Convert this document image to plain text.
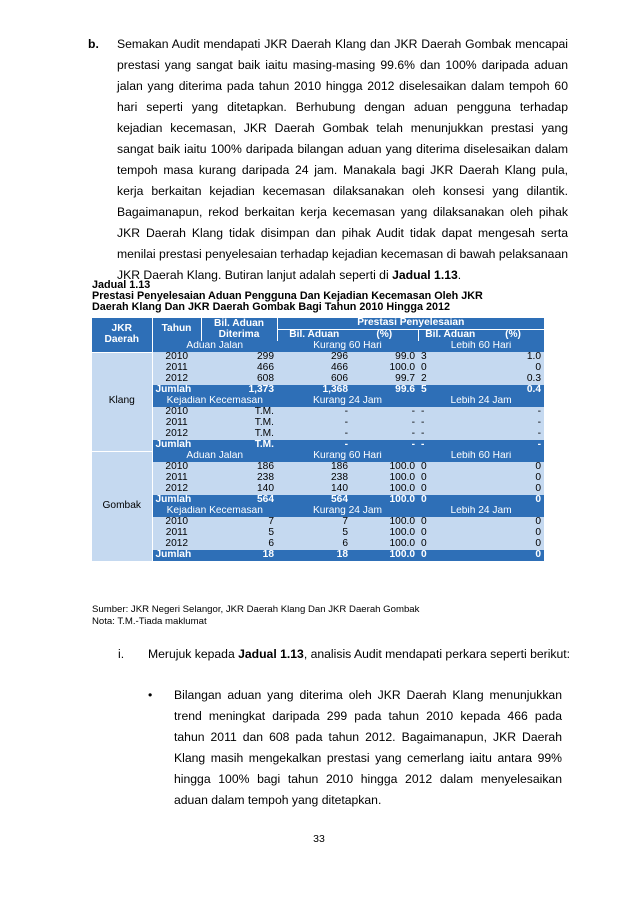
b. Semakan Audit mendapati JKR Daerah Klang dan JKR Daerah Gombak mencapai prestasi yang sangat baik iaitu masing-masing 99.6% dan 100% daripada aduan jalan yang diterima pada tahun 2010 hingga 2012 diselesaikan dalam tempoh 60 hari seperti yang ditetapkan. Berhubung dengan aduan pengguna terhadap kejadian kecemasan, JKR Daerah Gombak telah menunjukkan prestasi yang sangat baik iaitu 100% daripada bilangan aduan yang diterima diselesaikan dalam tempoh masa kurang daripada 24 jam. Manakala bagi JKR Daerah Klang pula, kerja berkaitan kejadian kecemasan dilaksanakan oleh konsesi yang dilantik. Bagaimanapun, rekod berkaitan kerja kecemasan yang dilaksanakan oleh pihak JKR Daerah Klang tidak disimpan dan pihak Audit tidak dapat mengesah serta menilai prestasi penyelesaian terhadap kejadian kecemasan di bawah pelaksanaan JKR Daerah Klang. Butiran lanjut adalah seperti di Jadual 1.13.
Jadual 1.13
Prestasi Penyelesaian Aduan Pengguna Dan Kejadian Kecemasan Oleh JKR
Daerah Klang Dan JKR Daerah Gombak Bagi Tahun 2010 Hingga 2012
JKR Daerah	Tahun	Bil. Aduan Diterima	Prestasi Penyelesaian			
			Bil. Aduan	(%)	Bil. Aduan	(%)
	Aduan Jalan		Kurang 60 Hari		Lebih 60 Hari	
Klang	2010	299	296	99.0	3	1.0
	2011	466	466	100.0	0	0
	2012	608	606	99.7	2	0.3
	Jumlah	1,373	1,368	99.6	5	0.4
	Kejadian Kecemasan		Kurang 24 Jam		Lebih 24 Jam	
	2010	T.M.	-	-	-	-
	2011	T.M.	-	-	-	-
	2012	T.M.	-	-	-	-
	Jumlah	T.M.	-	-	-	-
Gombak	Aduan Jalan		Kurang 60 Hari		Lebih 60 Hari	
	2010	186	186	100.0	0	0
	2011	238	238	100.0	0	0
	2012	140	140	100.0	0	0
	Jumlah	564	564	100.0	0	0
	Kejadian Kecemasan		Kurang 24 Jam		Lebih 24 Jam	
	2010	7	7	100.0	0	0
	2011	5	5	100.0	0	0
	2012	6	6	100.0	0	0
	Jumlah	18	18	100.0	0	0
Sumber: JKR Negeri Selangor, JKR Daerah Klang Dan JKR Daerah Gombak
Nota: T.M.-Tiada maklumat
i. Merujuk kepada Jadual 1.13, analisis Audit mendapati perkara seperti berikut:
• Bilangan aduan yang diterima oleh JKR Daerah Klang menunjukkan trend meningkat daripada 299 pada tahun 2010 kepada 466 pada tahun 2011 dan 608 pada tahun 2012. Bagaimanapun, JKR Daerah Klang masih mengekalkan prestasi yang cemerlang iaitu antara 99% hingga 100% bagi tahun 2010 hingga 2012 dalam menyelesaikan aduan dalam tempoh yang ditetapkan.
33
